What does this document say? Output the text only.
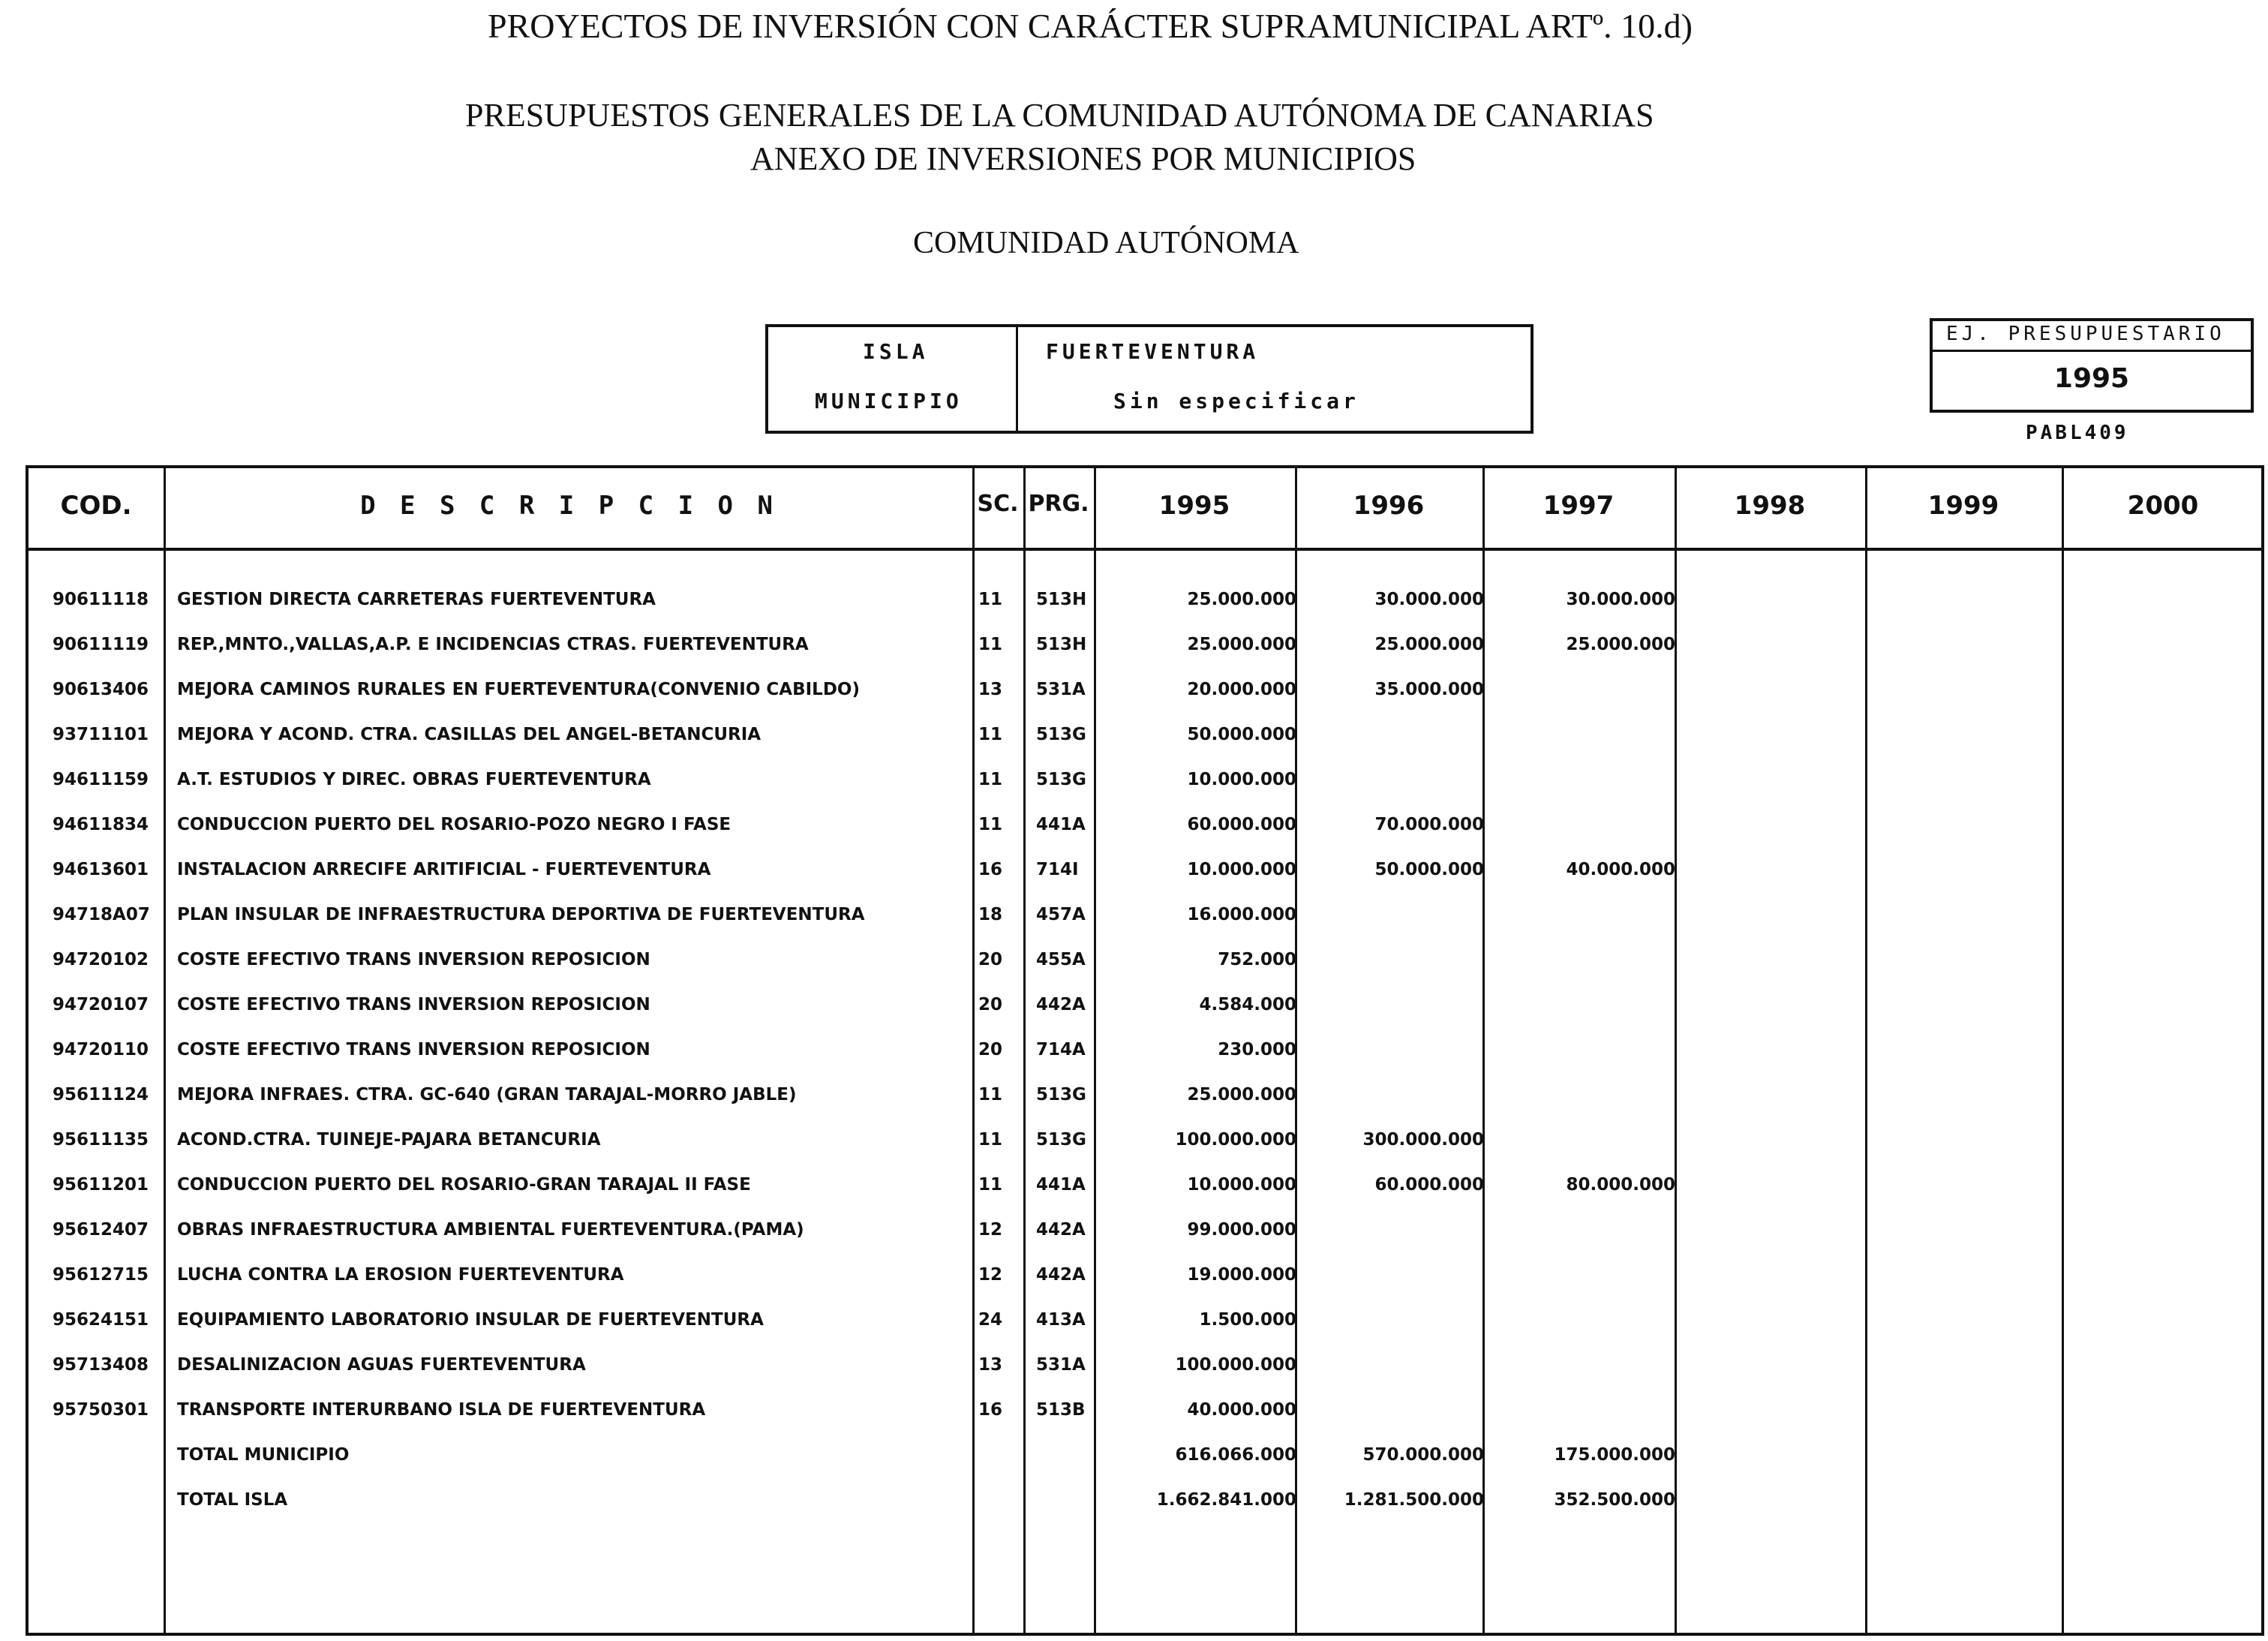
PROYECTOS DE INVERSIÓN CON CARÁCTER SUPRAMUNICIPAL ARTº. 10.d)
PRESUPUESTOS GENERALES DE LA COMUNIDAD AUTÓNOMA DE CANARIAS
ANEXO DE INVERSIONES POR MUNICIPIOS
COMUNIDAD AUTÓNOMA
ISLA	FUERTEVENTURA
MUNICIPIO	Sin especificar
EJ. PRESUPUESTARIO
1995
PABL409
COD.	D E S C R I P C I O N	SC. PRG.	1995	1996	1997	1998	1999	2000
90611118 GESTION DIRECTA CARRETERAS FUERTEVENTURA	11 513H	25.000.000	30.000.000	30.000.000
90611119 REP.,MNTO.,VALLAS,A.P. E INCIDENCIAS CTRAS. FUERTEVENTURA	11 513H	25.000.000	25.000.000	25.000.000
90613406 MEJORA CAMINOS RURALES EN FUERTEVENTURA(CONVENIO CABILDO)	13 531A	20.000.000	35.000.000
93711101 MEJORA Y ACOND. CTRA. CASILLAS DEL ANGEL-BETANCURIA	11 513G	50.000.000
94611159 A.T. ESTUDIOS Y DIREC. OBRAS FUERTEVENTURA	11 513G	10.000.000
94611834 CONDUCCION PUERTO DEL ROSARIO-POZO NEGRO I FASE	11 441A	60.000.000	70.000.000
94613601 INSTALACION ARRECIFE ARITIFICIAL - FUERTEVENTURA	16 714I	10.000.000	50.000.000	40.000.000
94718A07 PLAN INSULAR DE INFRAESTRUCTURA DEPORTIVA DE FUERTEVENTURA	18 457A	16.000.000
94720102 COSTE EFECTIVO TRANS INVERSION REPOSICION	20 455A	752.000
94720107 COSTE EFECTIVO TRANS INVERSION REPOSICION	20 442A	4.584.000
94720110 COSTE EFECTIVO TRANS INVERSION REPOSICION	20 714A	230.000
95611124 MEJORA INFRAES. CTRA. GC-640 (GRAN TARAJAL-MORRO JABLE)	11 513G	25.000.000
95611135 ACOND.CTRA. TUINEJE-PAJARA BETANCURIA	11 513G	100.000.000	300.000.000
95611201 CONDUCCION PUERTO DEL ROSARIO-GRAN TARAJAL II FASE	11 441A	10.000.000	60.000.000	80.000.000
95612407 OBRAS INFRAESTRUCTURA AMBIENTAL FUERTEVENTURA.(PAMA)	12 442A	99.000.000
95612715 LUCHA CONTRA LA EROSION FUERTEVENTURA	12 442A	19.000.000
95624151 EQUIPAMIENTO LABORATORIO INSULAR DE FUERTEVENTURA	24 413A	1.500.000
95713408 DESALINIZACION AGUAS FUERTEVENTURA	13 531A	100.000.000
95750301 TRANSPORTE INTERURBANO ISLA DE FUERTEVENTURA	16 513B	40.000.000
TOTAL MUNICIPIO	616.066.000	570.000.000	175.000.000
TOTAL ISLA	1.662.841.000	1.281.500.000	352.500.000
